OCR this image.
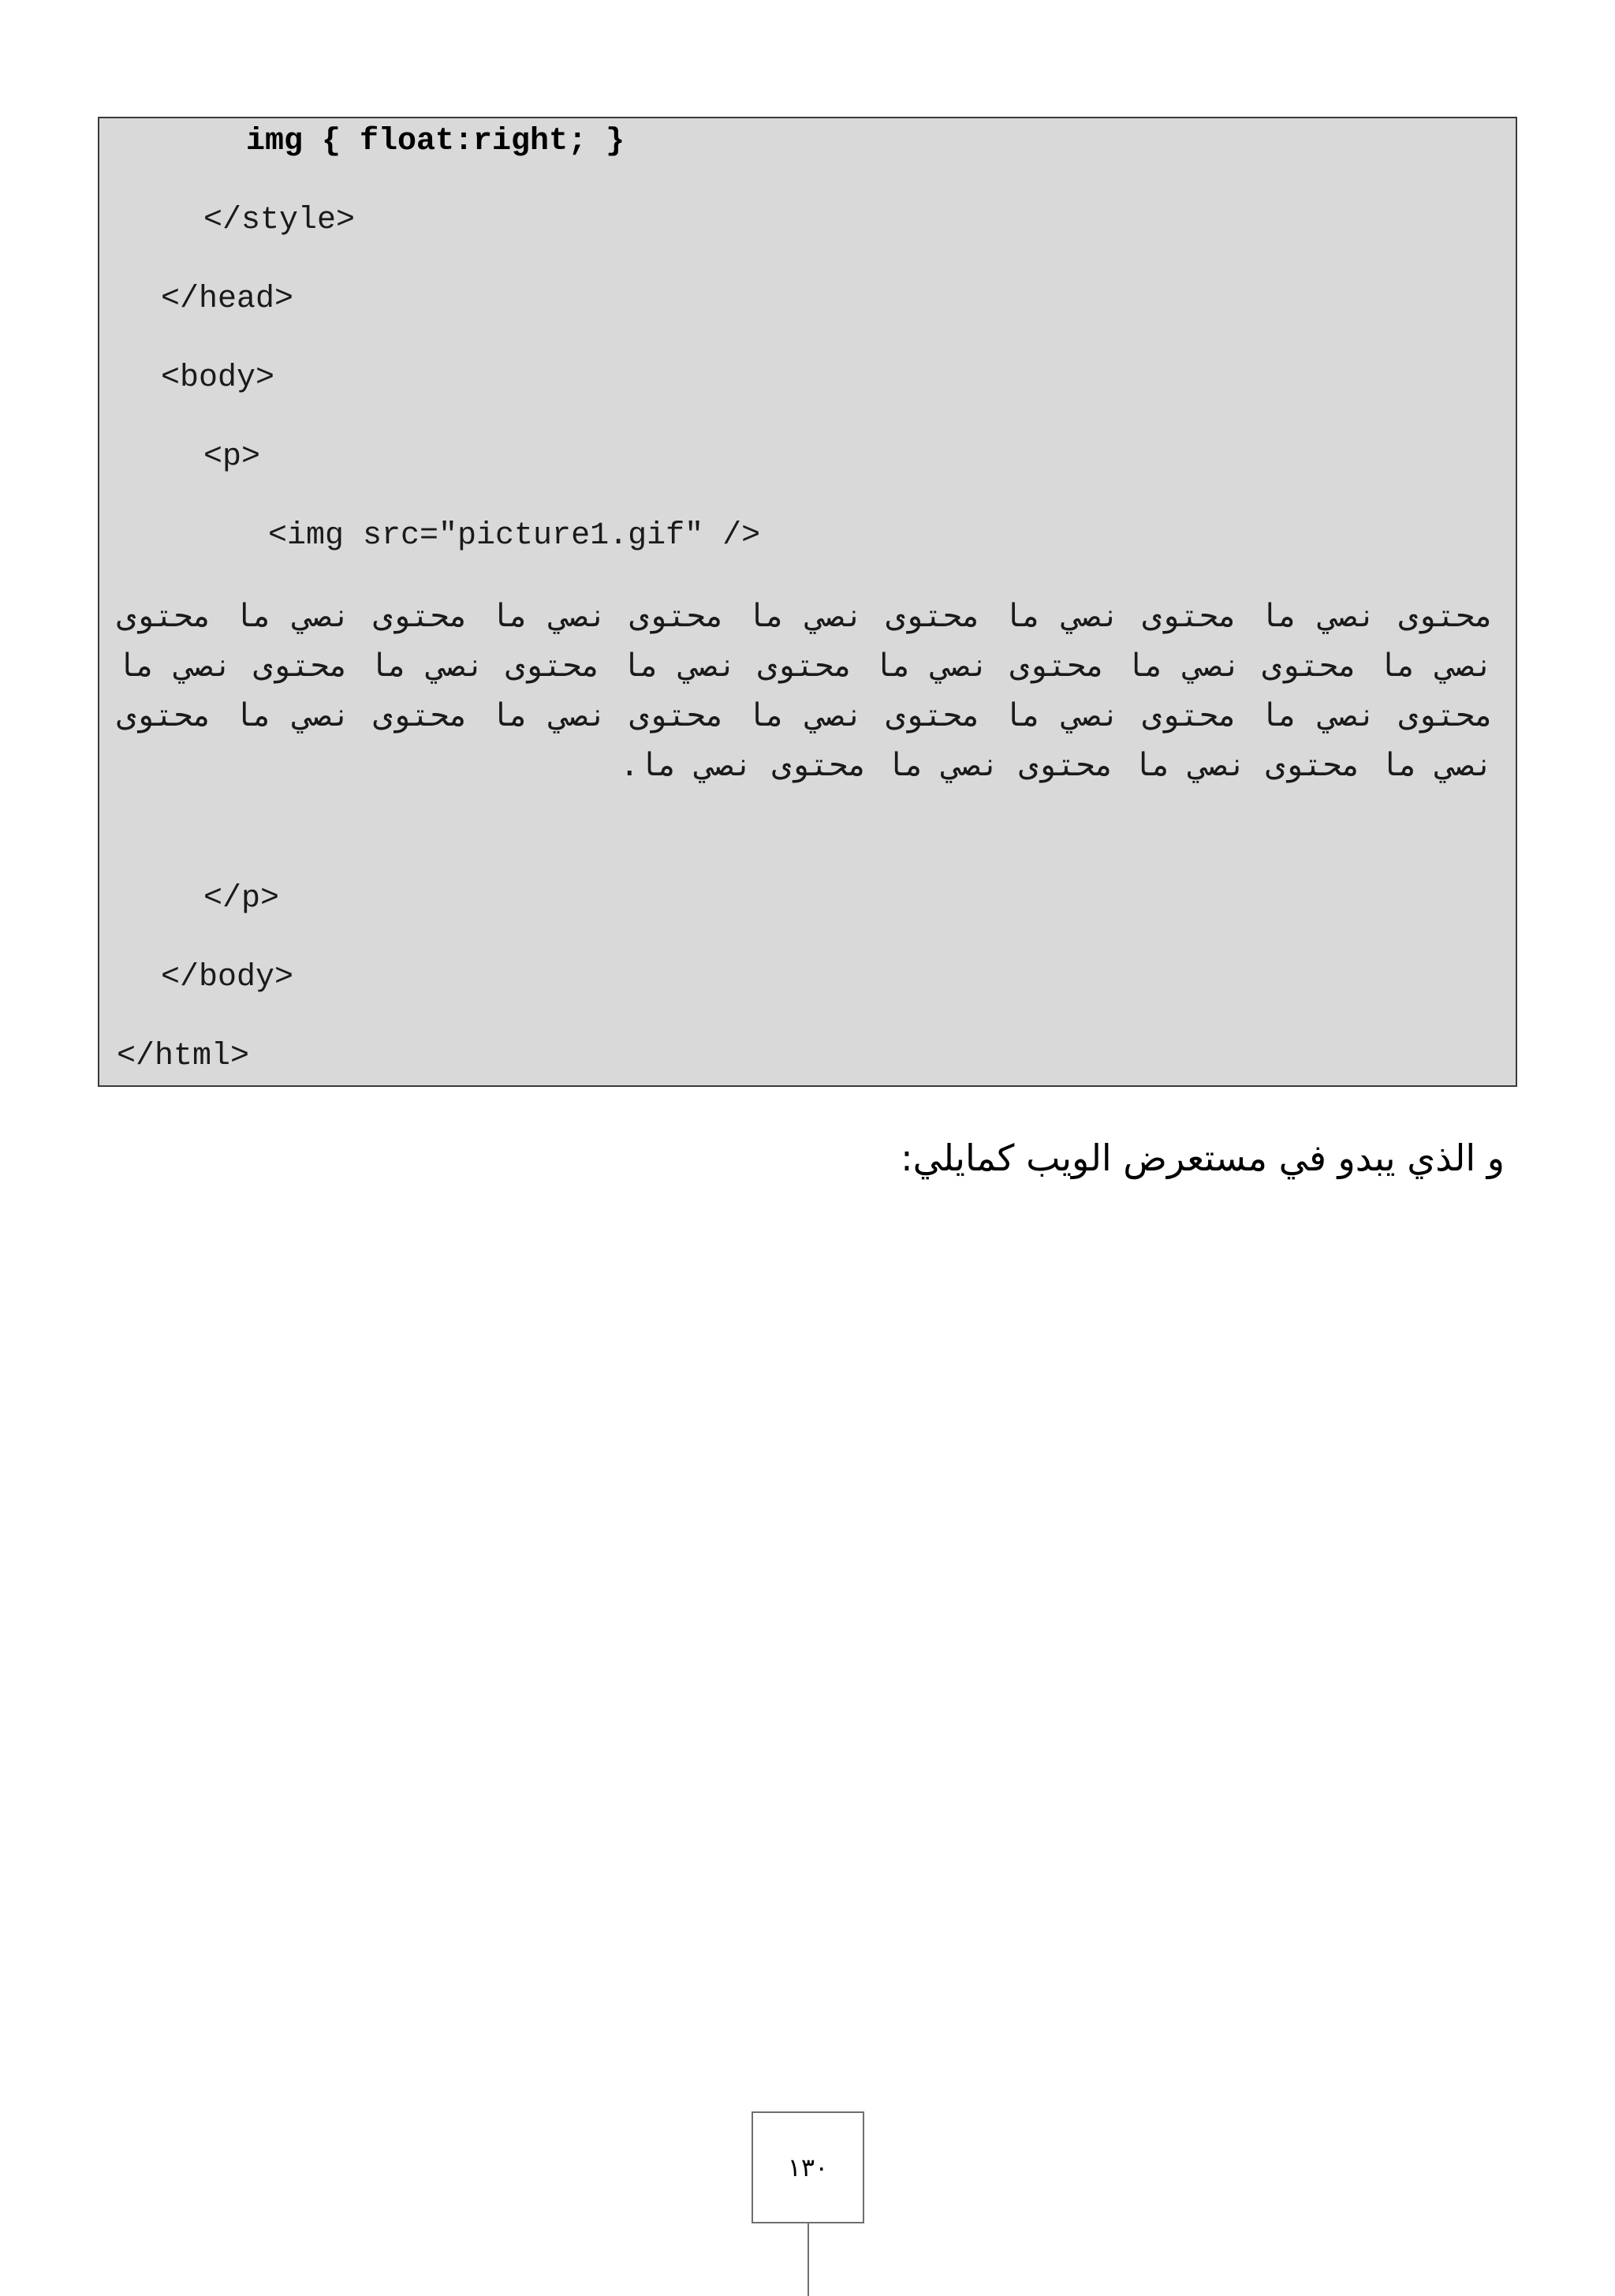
img { float:right; }
</style>
</head>
<body>
<p>
<img src="picture1.gif" />

محتوى نصي ما محتوى نصي ما محتوى نصي ما محتوى نصي ما محتوى نصي ما محتوى نصي ما محتوى نصي ما محتوى نصي ما محتوى نصي ما محتوى نصي ما محتوى نصي ما محتوى نصي ما محتوى نصي ما محتوى نصي ما محتوى نصي ما محتوى نصي ما محتوى نصي ما محتوى نصي ما محتوى نصي ما محتوى نصي ما.

</p>
</body>
</html>

و الذي يبدو في مستعرض الويب كمايلي:

١٣٠
